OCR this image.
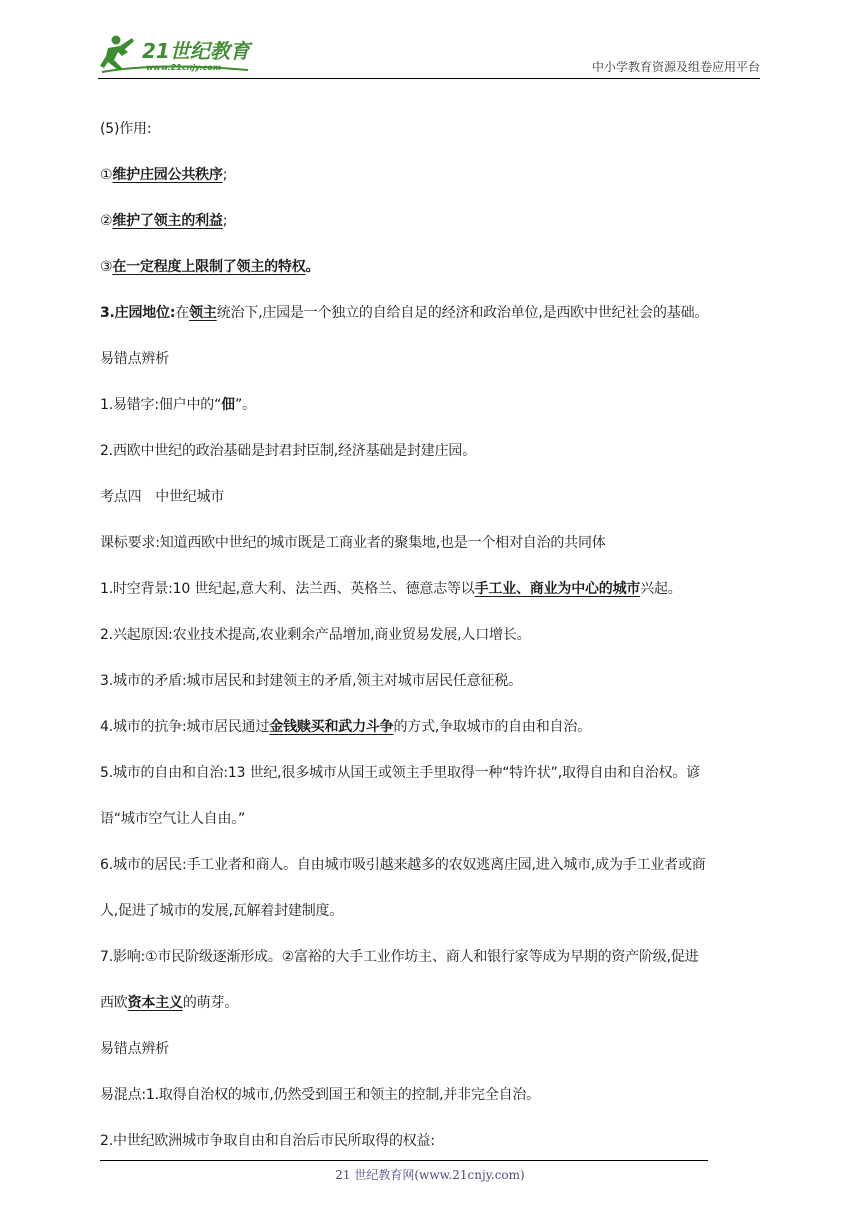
21世纪教育
www.21cnjy.com	中小学教育资源及组卷应用平台

(5)作用:

①维护庄园公共秩序;

②维护了领主的利益;

③在一定程度上限制了领主的特权。

3.庄园地位:在领主统治下,庄园是一个独立的自给自足的经济和政治单位,是西欧中世纪社会的基础。

易错点辨析

1.易错字:佃户中的“佃”。

2.西欧中世纪的政治基础是封君封臣制,经济基础是封建庄园。

考点四　中世纪城市

课标要求:知道西欧中世纪的城市既是工商业者的聚集地,也是一个相对自治的共同体

1.时空背景:10 世纪起,意大利、法兰西、英格兰、德意志等以手工业、商业为中心的城市兴起。

2.兴起原因:农业技术提高,农业剩余产品增加,商业贸易发展,人口增长。

3.城市的矛盾:城市居民和封建领主的矛盾,领主对城市居民任意征税。

4.城市的抗争:城市居民通过金钱赎买和武力斗争的方式,争取城市的自由和自治。

5.城市的自由和自治:13 世纪,很多城市从国王或领主手里取得一种“特许状”,取得自由和自治权。谚

语“城市空气让人自由。”

6.城市的居民:手工业者和商人。自由城市吸引越来越多的农奴逃离庄园,进入城市,成为手工业者或商

人,促进了城市的发展,瓦解着封建制度。

7.影响:①市民阶级逐渐形成。②富裕的大手工业作坊主、商人和银行家等成为早期的资产阶级,促进

西欧资本主义的萌芽。

易错点辨析

易混点:1.取得自治权的城市,仍然受到国王和领主的控制,并非完全自治。

2.中世纪欧洲城市争取自由和自治后市民所取得的权益:

21 世纪教育网(www.21cnjy.com)
